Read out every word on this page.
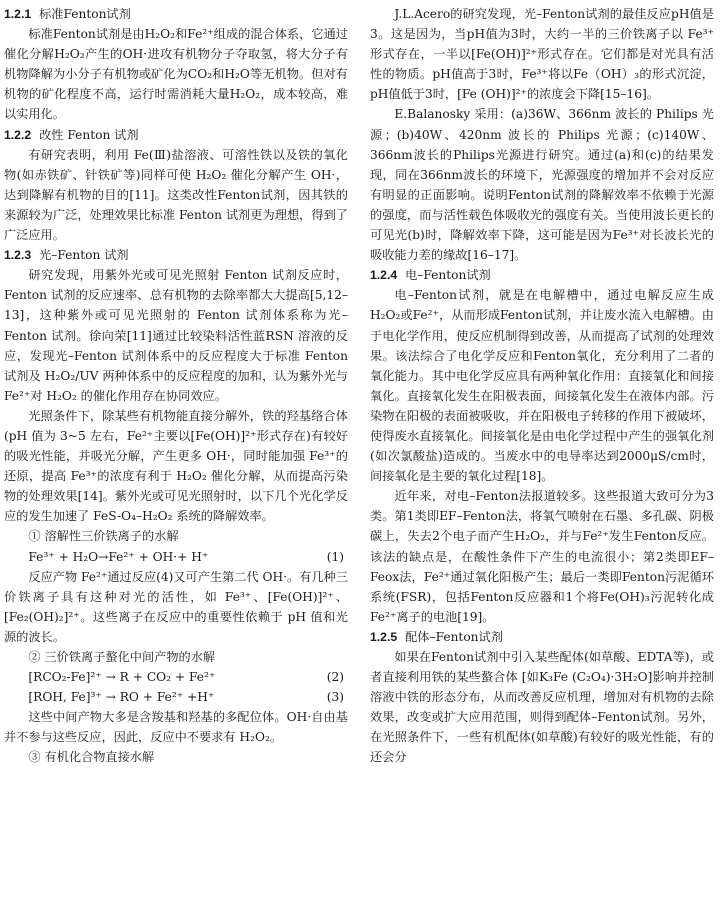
1.2.1 标准Fenton试剂

标准Fenton试剂是由H₂O₂和Fe²⁺组成的混合体系，它通过催化分解H₂O₂产生的OH·进攻有机物分子夺取氢，将大分子有机物降解为小分子有机物或矿化为CO₂和H₂O等无机物。但对有机物的矿化程度不高，运行时需消耗大量H₂O₂，成本较高，难以实用化。

1.2.2 改性 Fenton 试剂

有研究表明，利用 Fe(Ⅲ)盐溶液、可溶性铁以及铁的氧化物(如赤铁矿、针铁矿等)同样可使 H₂O₂ 催化分解产生 OH·，达到降解有机物的目的[11]。这类改性Fenton试剂，因其铁的来源较为广泛，处理效果比标准 Fenton 试剂更为理想，得到了广泛应用。

1.2.3 光–Fenton 试剂

研究发现，用紫外光或可见光照射 Fenton 试剂反应时，Fenton 试剂的反应速率、总有机物的去除率都大大提高[5,12–13]，这种紫外或可见光照射的 Fenton 试剂体系称为光–Fenton 试剂。徐向荣[11]通过比较染料活性蓝RSN 溶液的反应，发现光–Fenton 试剂体系中的反应程度大于标准 Fenton 试剂及 H₂O₂/UV 两种体系中的反应程度的加和，认为紫外光与 Fe²⁺对 H₂O₂ 的催化作用存在协同效应。

光照条件下，除某些有机物能直接分解外，铁的羟基络合体(pH 值为 3~5 左右，Fe²⁺主要以[Fe(OH)]²⁺形式存在)有较好的吸光性能，并吸光分解，产生更多 OH·，同时能加强 Fe³⁺的还原，提高 Fe³⁺的浓度有利于 H₂O₂ 催化分解，从而提高污染物的处理效果[14]。紫外光或可见光照射时，以下几个光化学反应的发生加速了 FeS-O₄–H₂O₂ 系统的降解效率。

① 溶解性三价铁离子的水解
Fe³⁺ + H₂O→Fe²⁺ + OH·+ H⁺	(1)

反应产物 Fe²⁺通过反应(4)又可产生第二代 OH·。有几种三价铁离子具有这种对光的活性，如 Fe³⁺、[Fe(OH)]²⁺、[Fe₂(OH)₂]²⁺。这些离子在反应中的重要性依赖于 pH 值和光源的波长。

② 三价铁离子螯化中间产物的水解
[RCO₂-Fe]²⁺ → R + CO₂ + Fe²⁺	(2)
[ROH, Fe]³⁺ → RO + Fe²⁺ +H⁺	(3)

这些中间产物大多是含羧基和羟基的多配位体。OH·自由基并不参与这些反应，因此，反应中不要求有 H₂O₂。

③ 有机化合物直接水解

J.L.Acero的研究发现，光–Fenton试剂的最佳反应pH值是3。这是因为，当pH值为3时，大约一半的三价铁离子以 Fe³⁺形式存在，一半以[Fe(OH)]²⁺形式存在。它们都是对光具有活性的物质。pH值高于3时，Fe³⁺将以Fe（OH）₃的形式沉淀，pH值低于3时，[Fe (OH)]²⁺的浓度会下降[15–16]。

E.Balanosky 采用：(a)36W、366nm 波长的 Philips 光源；(b)40W、420nm 波长的 Philips 光源；(c)140W、366nm波长的Philips光源进行研究。通过(a)和(c)的结果发现，同在366nm波长的环境下，光源强度的增加并不会对反应有明显的正面影响。说明Fenton试剂的降解效率不依赖于光源的强度，而与活性载色体吸收光的强度有关。当使用波长更长的可见光(b)时，降解效率下降，这可能是因为Fe³⁺对长波长光的吸收能力差的缘故[16–17]。

1.2.4 电–Fenton试剂

电–Fenton试剂，就是在电解槽中，通过电解反应生成H₂O₂或Fe²⁺，从而形成Fenton试剂，并让废水流入电解槽。由于电化学作用，使反应机制得到改善，从而提高了试剂的处理效果。该法综合了电化学反应和Fenton氧化，充分利用了二者的氧化能力。其中电化学反应具有两种氧化作用：直接氧化和间接氧化。直接氧化发生在阳极表面，间接氧化发生在液体内部。污染物在阳极的表面被吸收，并在阳极电子转移的作用下被破坏，使得废水直接氧化。间接氧化是由电化学过程中产生的强氧化剂(如次氯酸盐)造成的。当废水中的电导率达到2000μS/cm时，间接氧化是主要的氧化过程[18]。

近年来，对电–Fenton法报道较多。这些报道大致可分为3类。第1类即EF–Fenton法，将氧气喷射在石墨、多孔碳、阴极碳上，失去2个电子而产生H₂O₂，并与Fe²⁺发生Fenton反应。该法的缺点是，在酸性条件下产生的电流很小；第2类即EF–Feox法，Fe²⁺通过氧化阳极产生；最后一类即Fenton污泥循环系统(FSR)，包括Fenton反应器和1个将Fe(OH)₃污泥转化成Fe²⁺离子的电池[19]。

1.2.5 配体–Fenton试剂

如果在Fenton试剂中引入某些配体(如草酸、EDTA等)，或者直接利用铁的某些螯合体 [如K₃Fe (C₂O₄)·3H₂O]影响并控制溶液中铁的形态分布，从而改善反应机理，增加对有机物的去除效果，改变或扩大应用范围，则得到配体–Fenton试剂。另外，在光照条件下，一些有机配体(如草酸)有较好的吸光性能，有的还会分
